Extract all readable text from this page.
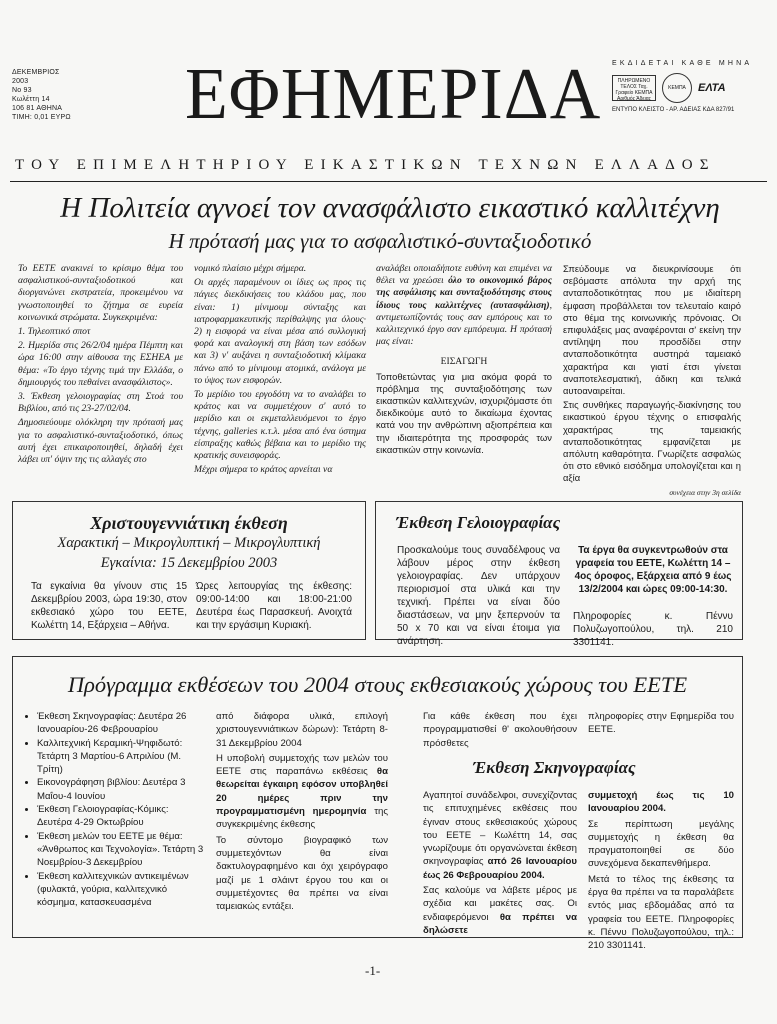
ΔΕΚΕΜΒΡΙΟΣ
2003
Νο 93
Κωλέττη 14
106 81 ΑΘΗΝΑ
ΤΙΜΗ: 0,01 ΕΥΡΩ ΕΦΗΜΕΡΙΔΑ ΕΚΔΙΔΕΤΑΙ ΚΑΘΕ ΜΗΝΑ
ΠΛΗΡΩΜΕΝΟ ΤΕΛΟΣ Ταχ. Γραφείο ΚΕΜΠΑ Αριθμός Άδειας
ΚΕΜΠΑ	ΕΛΤΑ
ΕΝΤΥΠΟ ΚΛΕΙΣΤΟ - ΑΡ. ΑΔΕΙΑΣ ΚΔΑ 827/91
ΤΟΥ ΕΠΙΜΕΛΗΤΗΡΙΟΥ ΕΙΚΑΣΤΙΚΩΝ ΤΕΧΝΩΝ ΕΛΛΑΔΟΣ
Η Πολιτεία αγνοεί τον ανασφάλιστο εικαστικό καλλιτέχνη
Η πρότασή μας για το ασφαλιστικό-συνταξιοδοτικό

Το ΕΕΤΕ ανακινεί το κρίσιμο θέμα του ασφαλιστικού-συνταξιοδοτικού και διοργανώνει εκστρατεία, προκειμένου να γνωστοποιηθεί το ζήτημα σε ευρεία κοινωνικά στρώματα. Συγκεκριμένα:

1. Τηλεοπτικό σποτ

2. Ημερίδα στις 26/2/04 ημέρα Πέμπτη και ώρα 16:00 στην αίθουσα της ΕΣΗΕΑ με θέμα: «Το έργο τέχνης τιμά την Ελλάδα, ο δημιουργός του πεθαίνει ανασφάλιστος».

3. Έκθεση γελοιογραφίας στη Στοά του Βιβλίου, από τις 23-27/02/04.

Δημοσιεύουμε ολόκληρη την πρότασή μας για το ασφαλιστικό-συνταξιοδοτικό, όπως αυτή έχει επικαιροποιηθεί, δηλαδή έχει λάβει υπ' όψιν της τις αλλαγές στο

νομικό πλαίσιο μέχρι σήμερα.

Οι αρχές παραμένουν οι ίδιες ως προς τις πάγιες διεκδικήσεις του κλάδου μας, που είναι: 1) μίνιμουμ σύνταξης και ιατροφαρμακευτικής περίθαλψης για όλους· 2) η εισφορά να είναι μέσα από συλλογική φορά και αναλογική στη βάση των εσόδων και 3) ν' αυξάνει η συνταξιοδοτική κλίμακα πάνω από το μίνιμουμ ατομικά, ανάλογα με το ύψος των εισφορών.

Το μερίδιο του εργοδότη να το αναλάβει το κράτος και να συμμετέχουν σ' αυτό το μερίδιο και οι εκμεταλλευόμενοι το έργο τέχνης, galleries κ.τ.λ. μέσα από ένα ύστημα είσπραξης καθώς βέβαια και το μερίδιο της κρατικής συνεισφοράς.

Μέχρι σήμερα το κράτος αρνείται να

αναλάβει οποιαδήποτε ευθύνη και επιμένει να θέλει να χρεώσει όλο το οικονομικό βάρος της ασφάλισης και συνταξιοδότησης στους ίδιους τους καλλιτέχνες (αυτασφάλιση), αντιμετωπίζοντάς τους σαν εμπόρους και το καλλιτεχνικό έργο σαν εμπόρευμα. Η πρότασή μας είναι:

ΕΙΣΑΓΩΓΗ

Τοποθετώντας για μια ακόμα φορά το πρόβλημα της συνταξιοδότησης των εικαστικών καλλιτεχνών, ισχυριζόμαστε ότι διεκδικούμε αυτό το δικαίωμα έχοντας κατά νου την ανθρώπινη αξιοπρέπεια και την ιδιαιτερότητα της προσφοράς των εικαστικών στην κοινωνία.

Σπεύδουμε να διευκρινίσουμε ότι σεβόμαστε απόλυτα την αρχή της ανταποδοτικότητας που με ιδιαίτερη έμφαση προβάλλεται τον τελευταίο καιρό στο θέμα της κοινωνικής πρόνοιας. Οι επιφυλάξεις μας αναφέρονται σ' εκείνη την αντίληψη που προσδίδει στην ανταποδοτικότητα αυστηρά ταμειακό χαρακτήρα και γιατί έτσι γίνεται αναποτελεσματική, άδικη και τελικά αυτοαναιρείται.

Στις συνθήκες παραγωγής-διακίνησης του εικαστικού έργου τέχνης ο επισφαλής χαρακτήρας της ταμειακής ανταποδοτικότητας εμφανίζεται με απόλυτη καθαρότητα. Γνωρίζετε ασφαλώς ότι στο εθνικό εισόδημα υπολογίζεται και η αξία

συνέχεια στην 3η σελίδα

Χριστουγεννιάτικη έκθεση
Χαρακτική – Μικρογλυπτική – Μικρογλυπτική
Εγκαίνια: 15 Δεκεμβρίου 2003
Τα εγκαίνια θα γίνουν στις 15 Δεκεμβρίου 2003, ώρα 19:30, στον εκθεσιακό χώρο του ΕΕΤΕ, Κωλέττη 14, Εξάρχεια – Αθήνα.
Ώρες λειτουργίας της έκθεσης: 09:00-14:00 και 18:00-21:00 Δευτέρα έως Παρασκευή. Ανοιχτά και την εργάσιμη Κυριακή.
Έκθεση Γελοιογραφίας
Προσκαλούμε τους συναδέλφους να λάβουν μέρος στην έκθεση γελοιογραφίας. Δεν υπάρχουν περιορισμοί στα υλικά και την τεχνική. Πρέπει να είναι δύο διαστάσεων, να μην ξεπερνούν τα 50 x 70 και να είναι έτοιμα για ανάρτηση.
Τα έργα θα συγκεντρωθούν στα γραφεία του ΕΕΤΕ, Κωλέττη 14 – 4ος όροφος, Εξάρχεια από 9 έως 13/2/2004 και ώρες 09:00-14:30.
Πληροφορίες κ. Πέννυ Πολυζωγοπούλου, τηλ. 210 3301141.
Πρόγραμμα εκθέσεων του 2004 στους εκθεσιακούς χώρους του ΕΕΤΕ
• Έκθεση Σκηνογραφίας: Δευτέρα 26 Ιανουαρίου-26 Φεβρουαρίου
• Καλλιτεχνική Κεραμική-Ψηφιδωτό: Τετάρτη 3 Μαρτίου-6 Απριλίου (Μ. Τρίτη)
• Εικονογράφηση βιβλίου: Δευτέρα 3 Μαΐου-4 Ιουνίου
• Έκθεση Γελοιογραφίας-Κόμικς: Δευτέρα 4-29 Οκτωβρίου
• Έκθεση μελών του ΕΕΤΕ με θέμα: «Άνθρωπος και Τεχνολογία». Τετάρτη 3 Νοεμβρίου-3 Δεκεμβρίου
• Έκθεση καλλιτεχνικών αντικειμένων (φυλακτά, γούρια, καλλιτεχνικό κόσμημα, κατασκευασμένα

από διάφορα υλικά, επιλογή χριστουγεννιάτικων δώρων): Τετάρτη 8-31 Δεκεμβρίου 2004

Η υποβολή συμμετοχής των μελών του ΕΕΤΕ στις παραπάνω εκθέσεις θα θεωρείται έγκαιρη εφόσον υποβληθεί 20 ημέρες πριν την προγραμματισμένη ημερομηνία της συγκεκριμένης έκθεσης

Το σύντομο βιογραφικό των συμμετεχόντων θα είναι δακτυλογραφημένο και όχι χειρόγραφο μαζί με 1 σλάιντ έργου του και οι συμμετέχοντες θα πρέπει να είναι ταμειακώς εντάξει.

Για κάθε έκθεση που έχει προγραμματισθεί θ' ακολουθήσουν πρόσθετες

πληροφορίες στην Εφημερίδα του ΕΕΤΕ.

Έκθεση Σκηνογραφίας

Αγαπητοί συνάδελφοι, συνεχίζοντας τις επιτυχημένες εκθέσεις που έγιναν στους εκθεσιακούς χώρους του ΕΕΤΕ – Κωλέττη 14, σας γνωρίζουμε ότι οργανώνεται έκθεση σκηνογραφίας από 26 Ιανουαρίου έως 26 Φεβρουαρίου 2004.

Σας καλούμε να λάβετε μέρος με σχέδια και μακέτες σας. Οι ενδιαφερόμενοι θα πρέπει να δηλώσετε

συμμετοχή έως τις 10 Ιανουαρίου 2004.

Σε περίπτωση μεγάλης συμμετοχής η έκθεση θα πραγματοποιηθεί σε δύο συνεχόμενα δεκαπενθήμερα.

Μετά το τέλος της έκθεσης τα έργα θα πρέπει να τα παραλάβετε εντός μιας εβδομάδας από τα γραφεία του ΕΕΤΕ. Πληροφορίες κ. Πέννυ Πολυζωγοπούλου, τηλ.: 210 3301141.

-1-
